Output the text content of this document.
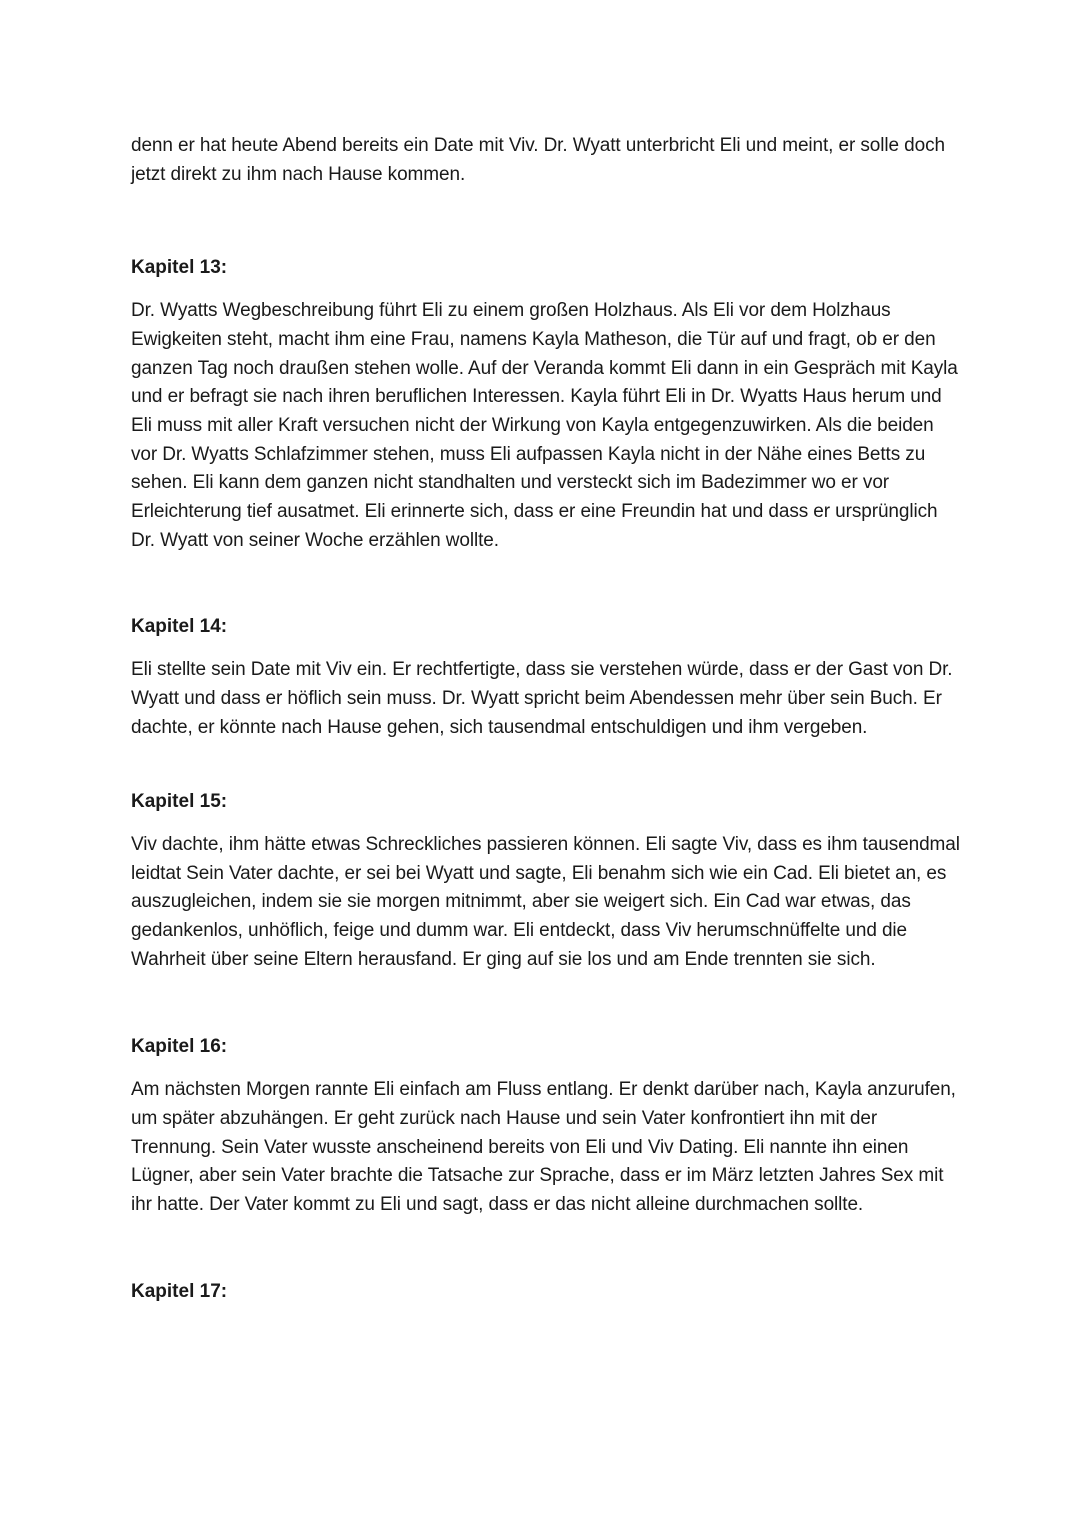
denn er hat heute Abend bereits ein Date mit Viv. Dr. Wyatt unterbricht Eli und meint, er solle doch jetzt direkt zu ihm nach Hause kommen.

Kapitel 13:

Dr. Wyatts Wegbeschreibung führt Eli zu einem großen Holzhaus. Als Eli vor dem Holzhaus Ewigkeiten steht, macht ihm eine Frau, namens Kayla Matheson, die Tür auf und fragt, ob er den ganzen Tag noch draußen stehen wolle. Auf der Veranda kommt Eli dann in ein Gespräch mit Kayla und er befragt sie nach ihren beruflichen Interessen. Kayla führt Eli in Dr. Wyatts Haus herum und Eli muss mit aller Kraft versuchen nicht der Wirkung von Kayla entgegenzuwirken. Als die beiden vor Dr. Wyatts Schlafzimmer stehen, muss Eli aufpassen Kayla nicht in der Nähe eines Betts zu sehen. Eli kann dem ganzen nicht standhalten und versteckt sich im Badezimmer wo er vor Erleichterung tief ausatmet. Eli erinnerte sich, dass er eine Freundin hat und dass er ursprünglich Dr. Wyatt von seiner Woche erzählen wollte.

Kapitel 14:

Eli stellte sein Date mit Viv ein. Er rechtfertigte, dass sie verstehen würde, dass er der Gast von Dr. Wyatt und dass er höflich sein muss. Dr. Wyatt spricht beim Abendessen mehr über sein Buch. Er dachte, er könnte nach Hause gehen, sich tausendmal entschuldigen und ihm vergeben.

Kapitel 15:

Viv dachte, ihm hätte etwas Schreckliches passieren können. Eli sagte Viv, dass es ihm tausendmal leidtat Sein Vater dachte, er sei bei Wyatt und sagte, Eli benahm sich wie ein Cad. Eli bietet an, es auszugleichen, indem sie sie morgen mitnimmt, aber sie weigert sich. Ein Cad war etwas, das gedankenlos, unhöflich, feige und dumm war. Eli entdeckt, dass Viv herumschnüffelte und die Wahrheit über seine Eltern herausfand. Er ging auf sie los und am Ende trennten sie sich.

Kapitel 16:

Am nächsten Morgen rannte Eli einfach am Fluss entlang. Er denkt darüber nach, Kayla anzurufen, um später abzuhängen. Er geht zurück nach Hause und sein Vater konfrontiert ihn mit der Trennung. Sein Vater wusste anscheinend bereits von Eli und Viv Dating. Eli nannte ihn einen Lügner, aber sein Vater brachte die Tatsache zur Sprache, dass er im März letzten Jahres Sex mit ihr hatte. Der Vater kommt zu Eli und sagt, dass er das nicht alleine durchmachen sollte.

Kapitel 17:
